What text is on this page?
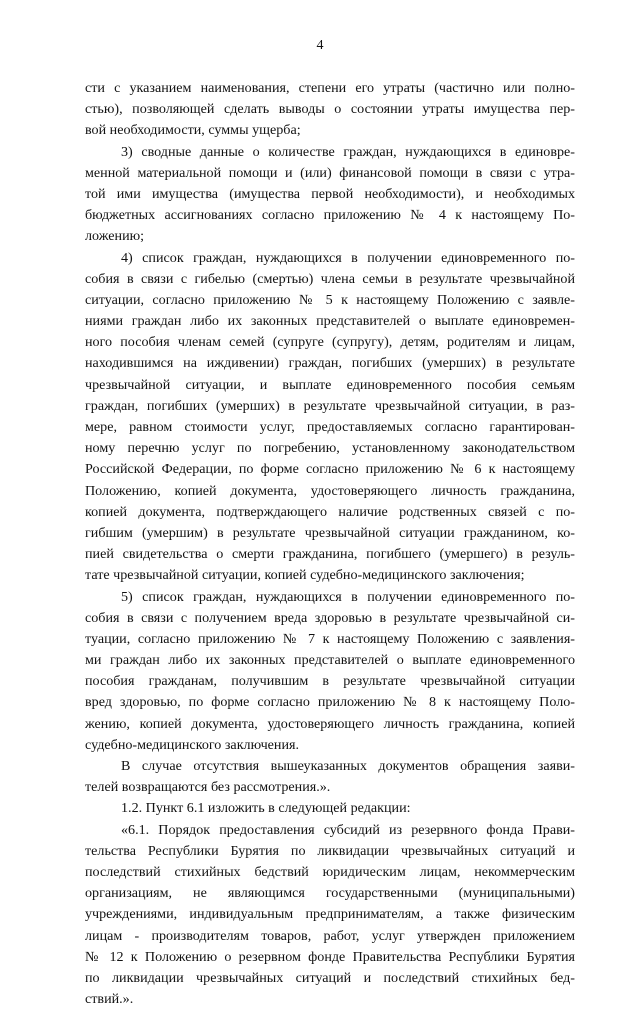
4
сти с указанием наименования, степени его утраты (частично или полно-
стью), позволяющей сделать выводы о состоянии утраты имущества пер-
вой необходимости, суммы ущерба;
3) сводные данные о количестве граждан, нуждающихся в единовре-
менной материальной помощи и (или) финансовой помощи в связи с утра-
той ими имущества (имущества первой необходимости), и необходимых
бюджетных ассигнованиях согласно приложению № 4 к настоящему По-
ложению;
4) список граждан, нуждающихся в получении единовременного по-
собия в связи с гибелью (смертью) члена семьи в результате чрезвычайной
ситуации, согласно приложению № 5 к настоящему Положению с заявле-
ниями граждан либо их законных представителей о выплате единовремен-
ного пособия членам семей (супруге (супругу), детям, родителям и лицам,
находившимся на иждивении) граждан, погибших (умерших) в результате
чрезвычайной ситуации, и выплате единовременного пособия семьям
граждан, погибших (умерших) в результате чрезвычайной ситуации, в раз-
мере, равном стоимости услуг, предоставляемых согласно гарантирован-
ному перечню услуг по погребению, установленному законодательством
Российской Федерации, по форме согласно приложению № 6 к настоящему
Положению, копией документа, удостоверяющего личность гражданина,
копией документа, подтверждающего наличие родственных связей с по-
гибшим (умершим) в результате чрезвычайной ситуации гражданином, ко-
пией свидетельства о смерти гражданина, погибшего (умершего) в резуль-
тате чрезвычайной ситуации, копией судебно-медицинского заключения;
5) список граждан, нуждающихся в получении единовременного по-
собия в связи с получением вреда здоровью в результате чрезвычайной си-
туации, согласно приложению № 7 к настоящему Положению с заявления-
ми граждан либо их законных представителей о выплате единовременного
пособия гражданам, получившим в результате чрезвычайной ситуации
вред здоровью, по форме согласно приложению № 8 к настоящему Поло-
жению, копией документа, удостоверяющего личность гражданина, копией
судебно-медицинского заключения.
В случае отсутствия вышеуказанных документов обращения заяви-
телей возвращаются без рассмотрения.».
1.2. Пункт 6.1 изложить в следующей редакции:
«6.1. Порядок предоставления субсидий из резервного фонда Прави-
тельства Республики Бурятия по ликвидации чрезвычайных ситуаций и
последствий стихийных бедствий юридическим лицам, некоммерческим
организациям, не являющимся государственными (муниципальными)
учреждениями, индивидуальным предпринимателям, а также физическим
лицам - производителям товаров, работ, услуг утвержден приложением
№ 12 к Положению о резервном фонде Правительства Республики Бурятия
по ликвидации чрезвычайных ситуаций и последствий стихийных бед-
ствий.».
